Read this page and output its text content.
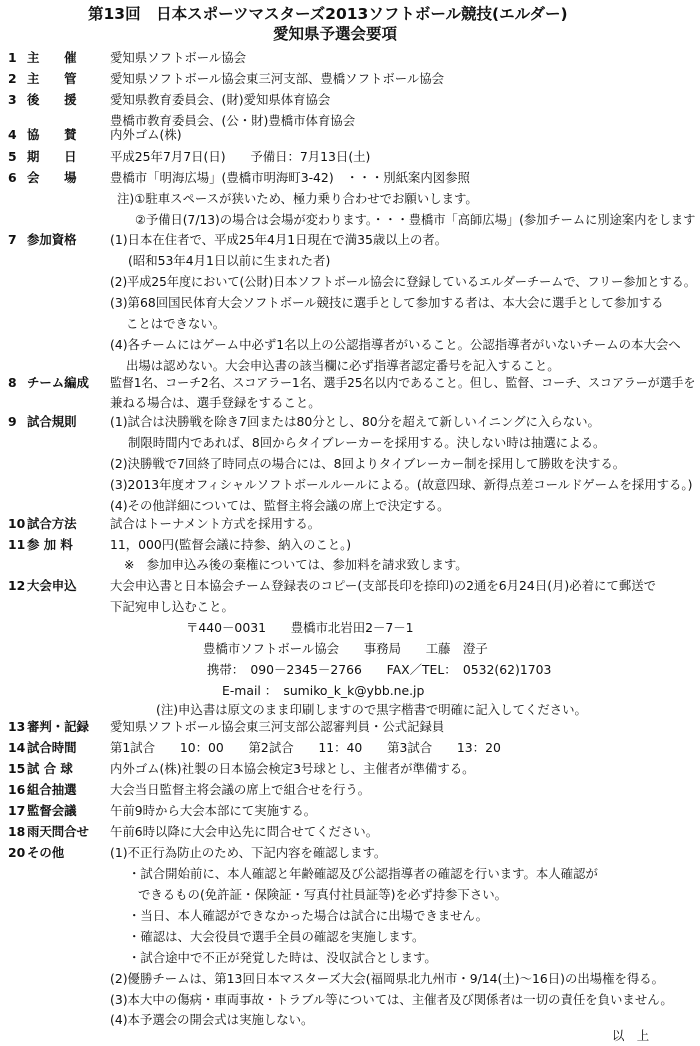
第13回　日本スポーツマスターズ2013ソフトボール競技(エルダー)
愛知県予選会要項
1 主　　催	愛知県ソフトボール協会
2 主　　管	愛知県ソフトボール協会東三河支部、豊橋ソフトボール協会
3 後　　援	愛知県教育委員会、(財)愛知県体育協会
豊橋市教育委員会、(公・財)豊橋市体育協会
4 協　　賛	内外ゴム(株)
5 期　　日	平成25年7月7日(日)　　予備日：7月13日(土)
6 会　　場	豊橋市「明海広場」(豊橋市明海町3-42)　・・・別紙案内図参照
注)①駐車スペースが狭いため、極力乗り合わせでお願いします。
②予備日(7/13)の場合は会場が変わります。・・・豊橋市「高師広場」(参加チームに別途案内をします
7 参加資格	(1)日本在住者で、平成25年4月1日現在で満35歳以上の者。
(昭和53年4月1日以前に生まれた者)
(2)平成25年度において(公財)日本ソフトボール協会に登録しているエルダーチームで、フリー参加とする。
(3)第68回国民体育大会ソフトボール競技に選手として参加する者は、本大会に選手として参加する
ことはできない。
(4)各チームにはゲーム中必ず1名以上の公認指導者がいること。公認指導者がいないチームの本大会へ
出場は認めない。大会申込書の該当欄に必ず指導者認定番号を記入すること。
8 チーム編成 監督1名、コーチ2名、スコアラー1名、選手25名以内であること。但し、監督、コーチ、スコアラーが選手を
兼ねる場合は、選手登録をすること。
9 試合規則	(1)試合は決勝戦を除き7回または80分とし、80分を超えて新しいイニングに入らない。
制限時間内であれば、8回からタイブレーカーを採用する。決しない時は抽選による。
(2)決勝戦で7回終了時同点の場合には、8回よりタイブレーカー制を採用して勝敗を決する。
(3)2013年度オフィシャルソフトボールルールによる。(故意四球、新得点差コールドゲームを採用する。)
(4)その他詳細については、監督主将会議の席上で決定する。
10 試合方法	試合はトーナメント方式を採用する。
11 参 加 料	11，000円(監督会議に持参、納入のこと。)
※　参加申込み後の棄権については、参加料を請求致します。
12 大会申込	大会申込書と日本協会チーム登録表のコピー(支部長印を捺印)の2通を6月24日(月)必着にて郵送で
下記宛申し込むこと。
〒440－0031　　豊橋市北岩田2－7－1
豊橋市ソフトボール協会　　事務局　　工藤　澄子
携帯：　090－2345－2766　　FAX／TEL：　0532(62)1703
E-mail ：　sumiko_k_k@ybb.ne.jp
(注)申込書は原文のまま印刷しますので黒字楷書で明確に記入してください。
13 審判・記録 愛知県ソフトボール協会東三河支部公認審判員・公式記録員
14 試合時間	第1試合　　10：00　　第2試合　　11：40　　第3試合　　13：20
15 試 合 球	内外ゴム(株)社製の日本協会検定3号球とし、主催者が準備する。
16 組合抽選	大会当日監督主将会議の席上で組合せを行う。
17 監督会議	午前9時から大会本部にて実施する。
18 雨天問合せ 午前6時以降に大会申込先に問合せてください。
20 その他	(1)不正行為防止のため、下記内容を確認します。
・試合開始前に、本人確認と年齢確認及び公認指導者の確認を行います。本人確認が
できるもの(免許証・保険証・写真付社員証等)を必ず持参下さい。
・当日、本人確認ができなかった場合は試合に出場できません。
・確認は、大会役員で選手全員の確認を実施します。
・試合途中で不正が発覚した時は、没収試合とします。
(2)優勝チームは、第13回日本マスターズ大会(福岡県北九州市・9/14(土)～16日)の出場権を得る。
(3)本大中の傷病・車両事故・トラブル等については、主催者及び関係者は一切の責任を負いません。
(4)本予選会の開会式は実施しない。
以　上
